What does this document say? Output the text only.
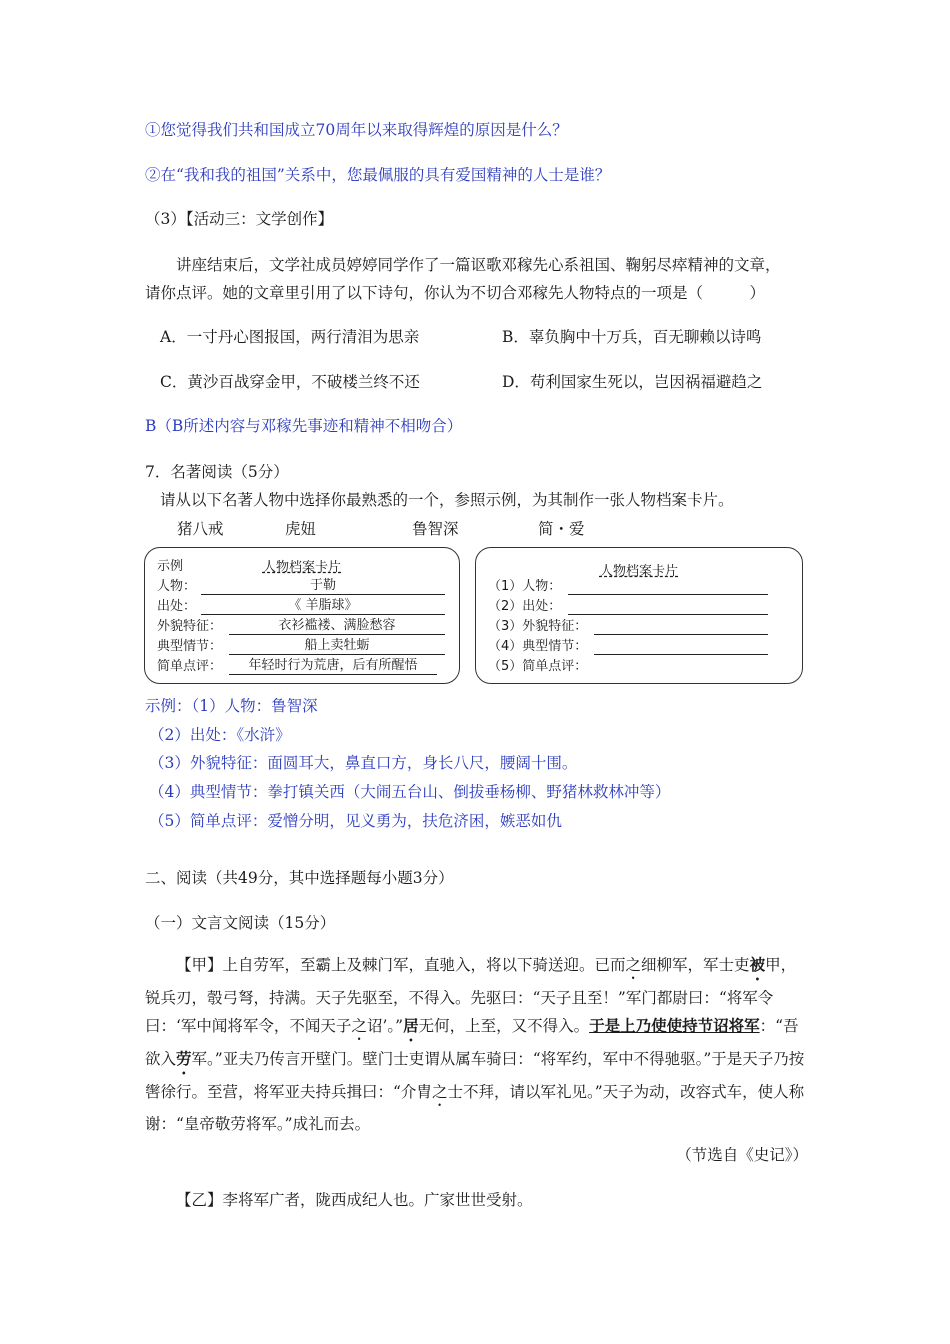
①您觉得我们共和国成立70周年以来取得辉煌的原因是什么？
②在“我和我的祖国”关系中，您最佩服的具有爱国精神的人士是谁？
（3）【活动三：文学创作】
讲座结束后，文学社成员婷婷同学作了一篇讴歌邓稼先心系祖国、鞠躬尽瘁精神的文章，
请你点评。她的文章里引用了以下诗句，你认为不切合邓稼先人物特点的一项是（　　　）
A．一寸丹心图报国，两行清泪为思亲	B．辜负胸中十万兵，百无聊赖以诗鸣
C．黄沙百战穿金甲，不破楼兰终不还	D．苟利国家生死以，岂因祸福避趋之
B（B所述内容与邓稼先事迹和精神不相吻合）
7．名著阅读（5分）
请从以下名著人物中选择你最熟悉的一个，参照示例，为其制作一张人物档案卡片。
猪八戒	虎妞	鲁智深	简・爱
示例	人物档案卡片
人物：	于勒
出处：	《 羊脂球》
外貌特征：	衣衫褴褛、满脸愁容
典型情节：	船上卖牡蛎
简单点评：	年轻时行为荒唐，后有所醒悟
人物档案卡片
（1）人物：
（2）出处：
（3）外貌特征：
（4）典型情节：
（5）简单点评：
示例：（1）人物：鲁智深
（2）出处：《水浒》
（3）外貌特征：面圆耳大，鼻直口方，身长八尺，腰阔十围。
（4）典型情节：拳打镇关西（大闹五台山、倒拔垂杨柳、野猪林救林冲等）
（5）简单点评：爱憎分明，见义勇为，扶危济困，嫉恶如仇
二、阅读（共49分，其中选择题每小题3分）
（一）文言文阅读（15分）
【甲】上自劳军，至霸上及棘门军，直驰入，将以下骑送迎。已而之细柳军，军士吏被甲，锐兵刃，彀弓弩，持满。天子先驱至，不得入。先驱曰：“天子且至！”军门都尉曰：“将军令曰：‘军中闻将军令，不闻天子之诏’。”居无何，上至，又不得入。于是上乃使使持节诏将军：“吾欲入劳军。”亚夫乃传言开壁门。壁门士吏谓从属车骑曰：“将军约，军中不得驰驱。”于是天子乃按辔徐行。至营，将军亚夫持兵揖曰：“介胄之士不拜，请以军礼见。”天子为动，改容式车，使人称谢：“皇帝敬劳将军。”成礼而去。
（节选自《史记》）
【乙】李将军广者，陇西成纪人也。广家世世受射。
